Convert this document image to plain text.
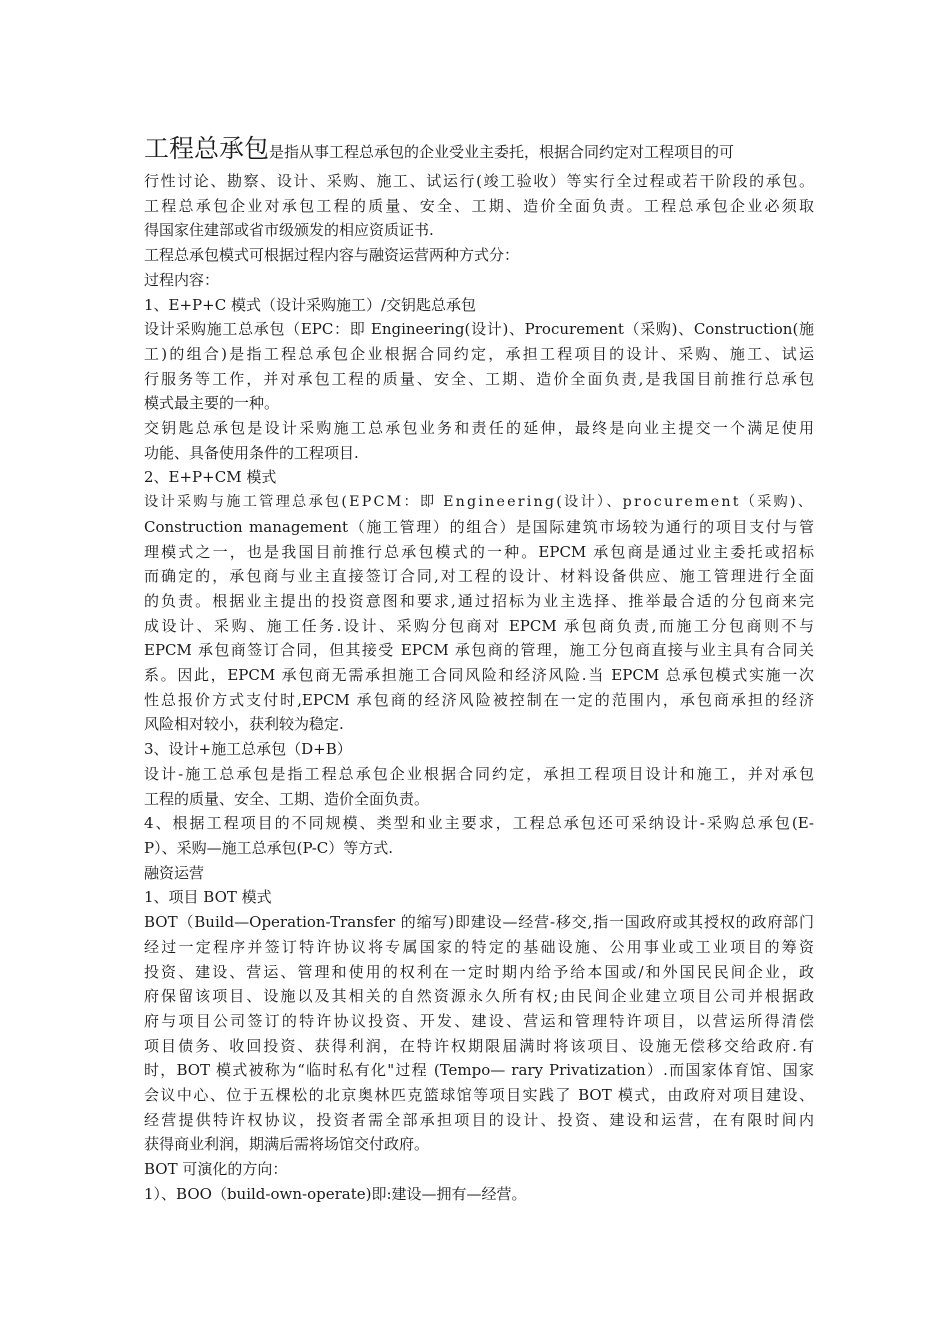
工程总承包是指从事工程总承包的企业受业主委托，根据合同约定对工程项目的可

行性讨论、勘察、设计、采购、施工、试运行(竣工验收）等实行全过程或若干阶段的承包。

工程总承包企业对承包工程的质量、安全、工期、造价全面负责。工程总承包企业必须取

得国家住建部或省市级颁发的相应资质证书.

工程总承包模式可根据过程内容与融资运营两种方式分：

过程内容：

1、E+P+C 模式（设计采购施工）/交钥匙总承包

设计采购施工总承包（EPC：即 Engineering(设计)、Procurement（采购)、Construction(施

工)的组合)是指工程总承包企业根据合同约定，承担工程项目的设计、采购、施工、试运

行服务等工作，并对承包工程的质量、安全、工期、造价全面负责,是我国目前推行总承包

模式最主要的一种。

交钥匙总承包是设计采购施工总承包业务和责任的延伸，最终是向业主提交一个满足使用

功能、具备使用条件的工程项目.

2、E+P+CM 模式

设计采购与施工管理总承包(EPCM：即 Engineering(设计）、procurement（采购)、

Construction management（施工管理）的组合）是国际建筑市场较为通行的项目支付与管

理模式之一，也是我国目前推行总承包模式的一种。EPCM 承包商是通过业主委托或招标

而确定的，承包商与业主直接签订合同,对工程的设计、材料设备供应、施工管理进行全面

的负责。根据业主提出的投资意图和要求,通过招标为业主选择、推举最合适的分包商来完

成设计、采购、施工任务.设计、采购分包商对 EPCM 承包商负责,而施工分包商则不与

EPCM 承包商签订合同，但其接受 EPCM 承包商的管理，施工分包商直接与业主具有合同关

系。因此，EPCM 承包商无需承担施工合同风险和经济风险.当 EPCM 总承包模式实施一次

性总报价方式支付时,EPCM 承包商的经济风险被控制在一定的范围内，承包商承担的经济

风险相对较小，获利较为稳定.

3、设计+施工总承包（D+B）

设计-施工总承包是指工程总承包企业根据合同约定，承担工程项目设计和施工，并对承包

工程的质量、安全、工期、造价全面负责。

4、根据工程项目的不同规模、类型和业主要求，工程总承包还可采纳设计-采购总承包(E-

P）、采购—施工总承包(P-C）等方式.

融资运营

1、项目 BOT 模式

BOT（Build—Operation-Transfer 的缩写)即建设—经营-移交,指一国政府或其授权的政府部门

经过一定程序并签订特许协议将专属国家的特定的基础设施、公用事业或工业项目的筹资

投资、建设、营运、管理和使用的权利在一定时期内给予给本国或/和外国民民间企业，政

府保留该项目、设施以及其相关的自然资源永久所有权;由民间企业建立项目公司并根据政

府与项目公司签订的特许协议投资、开发、建设、营运和管理特许项目，以营运所得清偿

项目债务、收回投资、获得利润，在特许权期限届满时将该项目、设施无偿移交给政府.有

时，BOT 模式被称为“临时私有化"过程 (Tempo— rary Privatization）.而国家体育馆、国家

会议中心、位于五棵松的北京奥林匹克篮球馆等项目实践了 BOT 模式，由政府对项目建设、

经营提供特许权协议，投资者需全部承担项目的设计、投资、建设和运营，在有限时间内

获得商业利润，期满后需将场馆交付政府。

BOT 可演化的方向：

1）、BOO（build-own-operate)即:建设—拥有—经营。
